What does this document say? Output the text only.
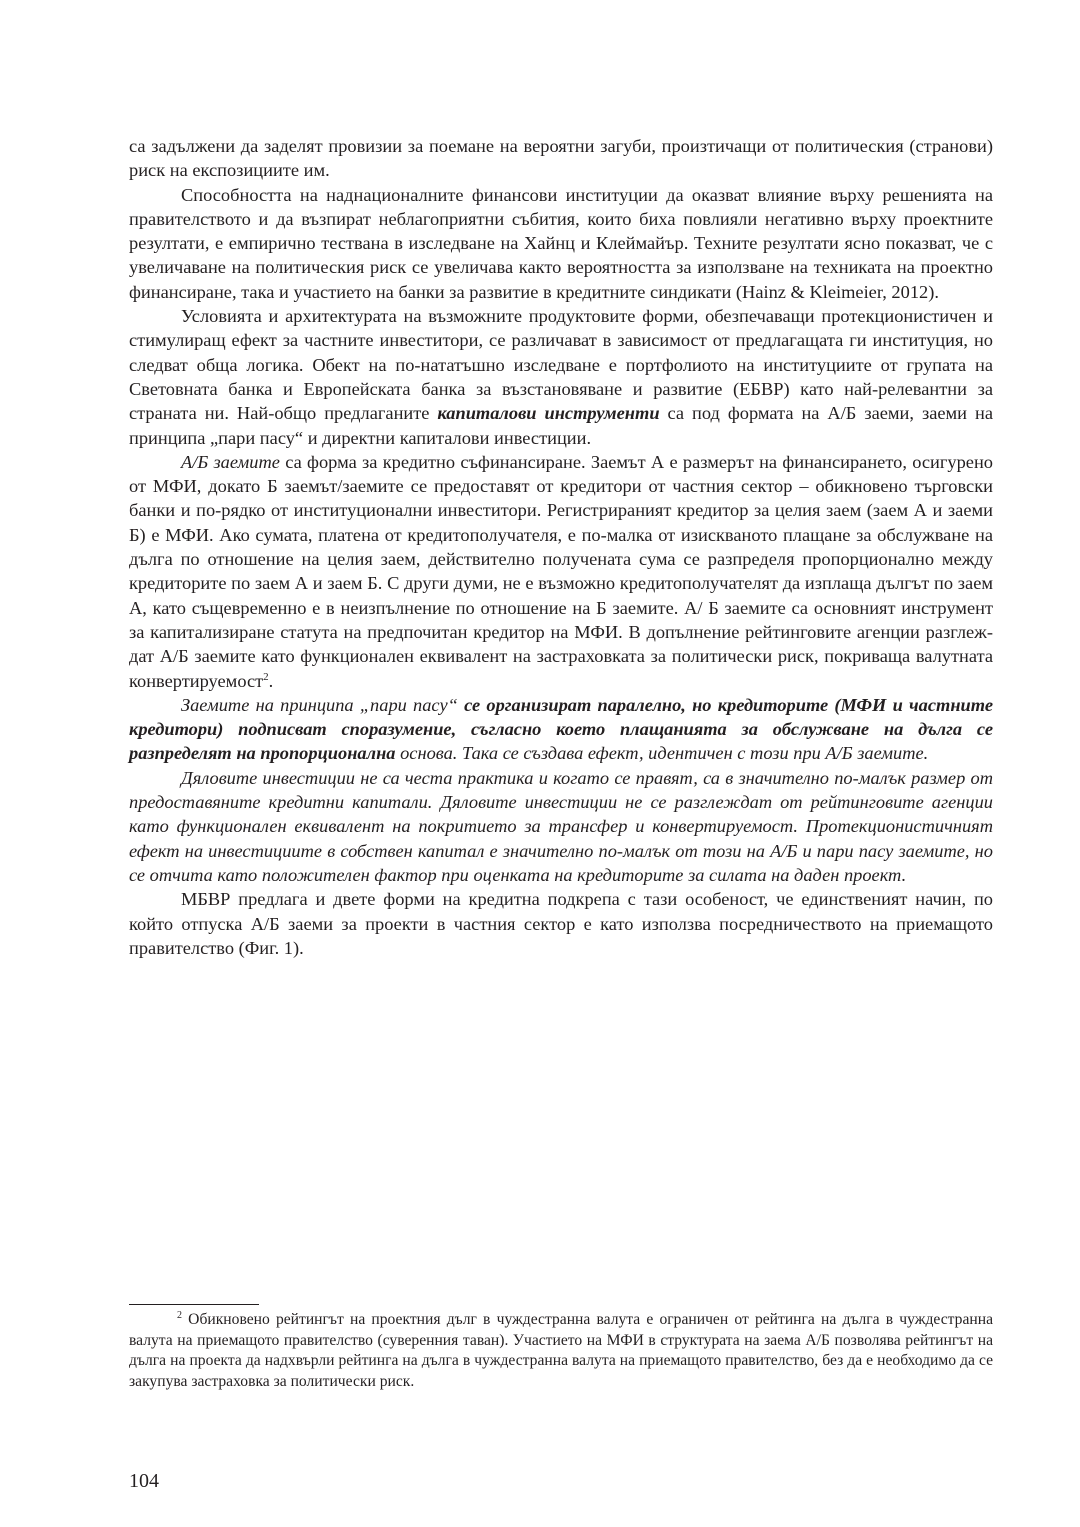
са задължени да заделят провизии за поемане на вероятни загуби, произтичащи от политическия (странови) риск на експозициите им.

Способността на наднационалните финансови институции да оказват влияние върху решенията на правителството и да възпират неблагоприятни събития, които биха повлияли негативно върху проектните резултати, е емпирично тествана в изследване на Хайнц и Клеймайър. Техните резултати ясно показват, че с увеличаване на политическия риск се увеличава както вероятността за използване на техниката на проектно финансиране, така и участието на банки за развитие в кредитните синдикати (Hainz & Kleimeier, 2012).

Условията и архитектурата на възможните продуктовите форми, обезпечаващи протекционистичен и стимулиращ ефект за частните инвеститори, се различават в зависимост от предлагащата ги институция, но следват обща логика. Обект на по-нататъшно изследване е портфолиото на институциите от групата на Световната банка и Европейската банка за възстановяване и развитие (ЕБВР) като най-релевантни за страната ни. Най-общо предлаганите капиталови инструменти са под формата на А/Б заеми, заеми на принципа „пари пасу“ и директни капиталови инвестиции.

А/Б заемите са форма за кредитно съфинансиране. Заемът А е размерът на финансирането, осигурено от МФИ, докато Б заемът/заемите се предоставят от кредитори от частния сектор – обикновено търговски банки и по-рядко от институционални инвеститори. Регистрираният кредитор за целия заем (заем А и заеми Б) е МФИ. Ако сумата, платена от кредитополучателя, е по-малка от изискваното плащане за обслужване на дълга по отношение на целия заем, действително получената сума се разпределя пропорционално между кредиторите по заем А и заем Б. С други думи, не е възможно кредитополучателят да изплаща дългът по заем А, като същевременно е в неизпълнение по отношение на Б заемите. А/ Б заемите са основният инструмент за капитализиране статута на предпочитан кредитор на МФИ. В допълнение рейтинговите агенции разглеждат А/Б заемите като функционален еквивалент на застраховката за политически риск, покриваща валутната конвертируемост$^2$.

Заемите на принципа „пари пасу“ се организират паралелно, но кредиторите (МФИ и частните кредитори) подписват споразумение, съгласно което плащанията за обслужване на дълга се разпределят на пропорционална основа. Така се създава ефект, идентичен с този при А/Б заемите.

Дяловите инвестиции не са честа практика и когато се правят, са в значително по-малък размер от предоставяните кредитни капитали. Дяловите инвестиции не се разглеждат от рейтинговите агенции като функционален еквивалент на покритието за трансфер и конвертируемост. Протекционистичният ефект на инвестициите в собствен капитал е значително по-малък от този на А/Б и пари пасу заемите, но се отчита като положителен фактор при оценката на кредиторите за силата на даден проект.

МБВР предлага и двете форми на кредитна подкрепа с тази особеност, че единственият начин, по който отпуска А/Б заеми за проекти в частния сектор е като използва посредничеството на приемащото правителство (Фиг. 1).

$^2$ Обикновено рейтингът на проектния дълг в чуждестранна валута е ограничен от рейтинга на дълга в чуждестранна валута на приемащото правителство (суверенния таван). Участието на МФИ в структурата на заема А/Б позволява рейтингът на дълга на проекта да надхвърли рейтинга на дълга в чуждестранна валута на приемащото правителство, без да е необходимо да се закупува застраховка за политически риск.

104
